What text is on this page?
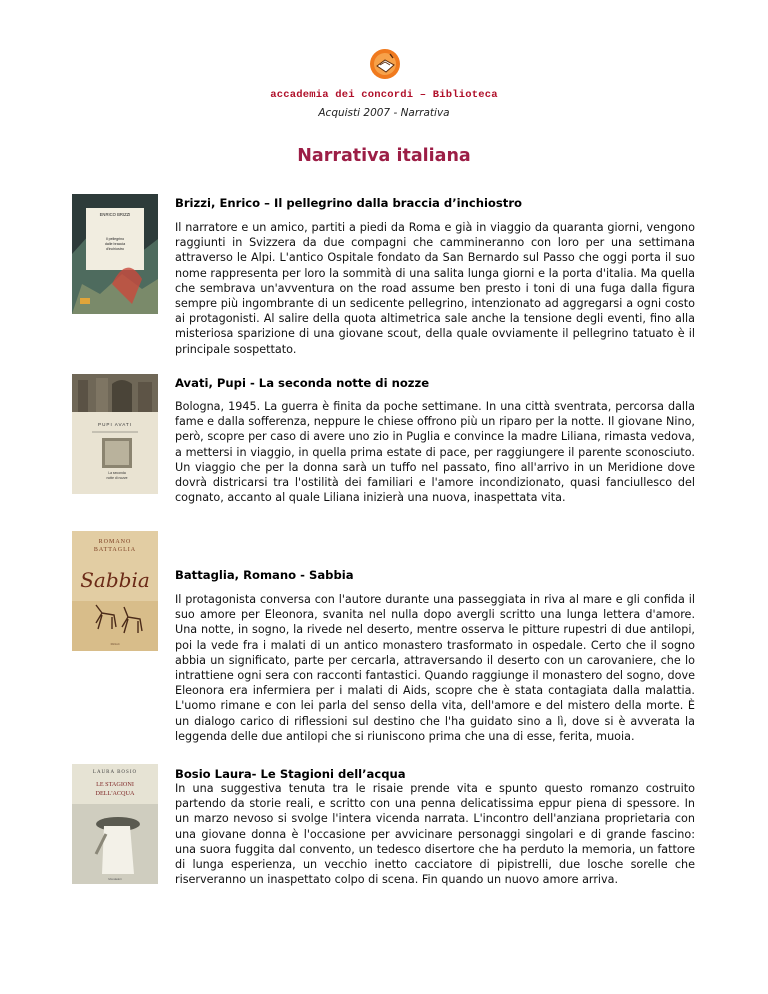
accademia dei concordi – Biblioteca
Acquisti 2007 - Narrativa
Narrativa italiana
ENRICO BRIZZI
Il pellegrino
dalle braccia
d'inchiostro
Brizzi, Enrico – Il pellegrino dalla braccia d’inchiostro
Il narratore e un amico, partiti a piedi da Roma e già in viaggio da quaranta giorni, vengono raggiunti in Svizzera da due compagni che cammineranno con loro per una settimana attraverso le Alpi. L'antico Ospitale fondato da San Bernardo sul Passo che oggi porta il suo nome rappresenta per loro la sommità di una salita lunga giorni e la porta d'italia. Ma quella che sembrava un'avventura on the road assume ben presto i toni di una fuga dalla figura sempre più ingombrante di un sedicente pellegrino, intenzionato ad aggregarsi a ogni costo ai protagonisti. Al salire della quota altimetrica sale anche la tensione degli eventi, fino alla misteriosa sparizione di una giovane scout, della quale ovviamente il pellegrino tatuato è il principale sospettato.
PUPI AVATI
La seconda
notte di nozze
Avati, Pupi - La seconda notte di nozze
Bologna, 1945. La guerra è finita da poche settimane. In una città sventrata, percorsa dalla fame e dalla sofferenza, neppure le chiese offrono più un riparo per la notte. Il giovane Nino, però, scopre per caso di avere uno zio in Puglia e convince la madre Liliana, rimasta vedova, a mettersi in viaggio, in quella prima estate di pace, per raggiungere il parente sconosciuto. Un viaggio che per la donna sarà un tuffo nel passato, fino all'arrivo in un Meridione dove dovrà districarsi tra l'ostilità dei familiari e l'amore incondizionato, quasi fanciullesco del cognato, accanto al quale Liliana inizierà una nuova, inaspettata vita.
ROMANO
BATTAGLIA
Sabbia
Rizzoli
Battaglia, Romano - Sabbia
Il protagonista conversa con l'autore durante una passeggiata in riva al mare e gli confida il suo amore per Eleonora, svanita nel nulla dopo avergli scritto una lunga lettera d'amore. Una notte, in sogno, la rivede nel deserto, mentre osserva le pitture rupestri di due antilopi, poi la vede fra i malati di un antico monastero trasformato in ospedale. Certo che il sogno abbia un significato, parte per cercarla, attraversando il deserto con un carovaniere, che lo intrattiene ogni sera con racconti fantastici. Quando raggiunge il monastero del sogno, dove Eleonora era infermiera per i malati di Aids, scopre che è stata contagiata dalla malattia. L'uomo rimane e con lei parla del senso della vita, dell'amore e del mistero della morte. È un dialogo carico di riflessioni sul destino che l'ha guidato sino a lì, dove si è avverata la leggenda delle due antilopi che si riuniscono prima che una di esse, ferita, muoia.
LAURA BOSIO
LE STAGIONI
DELL'ACQUA
Mondadori
Bosio Laura- Le Stagioni dell’acqua
In una suggestiva tenuta tra le risaie prende vita e spunto questo romanzo costruito partendo da storie reali, e scritto con una penna delicatissima eppur piena di spessore. In un marzo nevoso si svolge l'intera vicenda narrata. L'incontro dell'anziana proprietaria con una giovane donna è l'occasione per avvicinare personaggi singolari e di grande fascino: una suora fuggita dal convento, un tedesco disertore che ha perduto la memoria, un fattore di lunga esperienza, un vecchio inetto cacciatore di pipistrelli, due losche sorelle che riserveranno un inaspettato colpo di scena. Fin quando un nuovo amore arriva.
